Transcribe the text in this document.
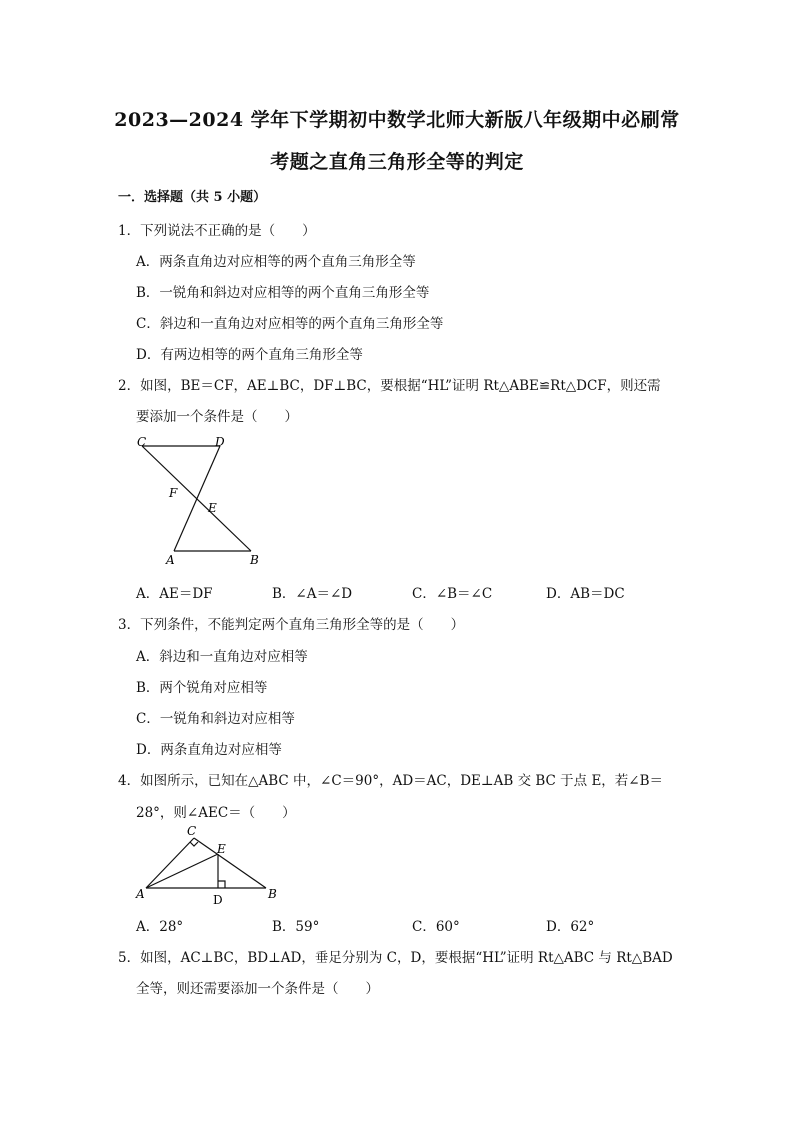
2023—2024 学年下学期初中数学北师大新版八年级期中必刷常
考题之直角三角形全等的判定
一．选择题（共 5 小题）
1．下列说法不正确的是（　　）
A．两条直角边对应相等的两个直角三角形全等
B．一锐角和斜边对应相等的两个直角三角形全等
C．斜边和一直角边对应相等的两个直角三角形全等
D．有两边相等的两个直角三角形全等
2．如图，BE＝CF，AE⊥BC，DF⊥BC，要根据“HL”证明 Rt△ABE≌Rt△DCF，则还需
要添加一个条件是（　　）
C	D
F
E
A	B
A．AE＝DF	B．∠A＝∠D	C．∠B＝∠C	D．AB＝DC
3．下列条件，不能判定两个直角三角形全等的是（　　）
A．斜边和一直角边对应相等
B．两个锐角对应相等
C．一锐角和斜边对应相等
D．两条直角边对应相等
4．如图所示，已知在△ABC 中，∠C＝90°，AD＝AC，DE⊥AB 交 BC 于点 E，若∠B＝
28°，则∠AEC＝（　　）
C
E
A	D	B
A．28°	B．59°	C．60°	D．62°
5．如图，AC⊥BC，BD⊥AD，垂足分别为 C，D，要根据“HL”证明 Rt△ABC 与 Rt△BAD
全等，则还需要添加一个条件是（　　）
